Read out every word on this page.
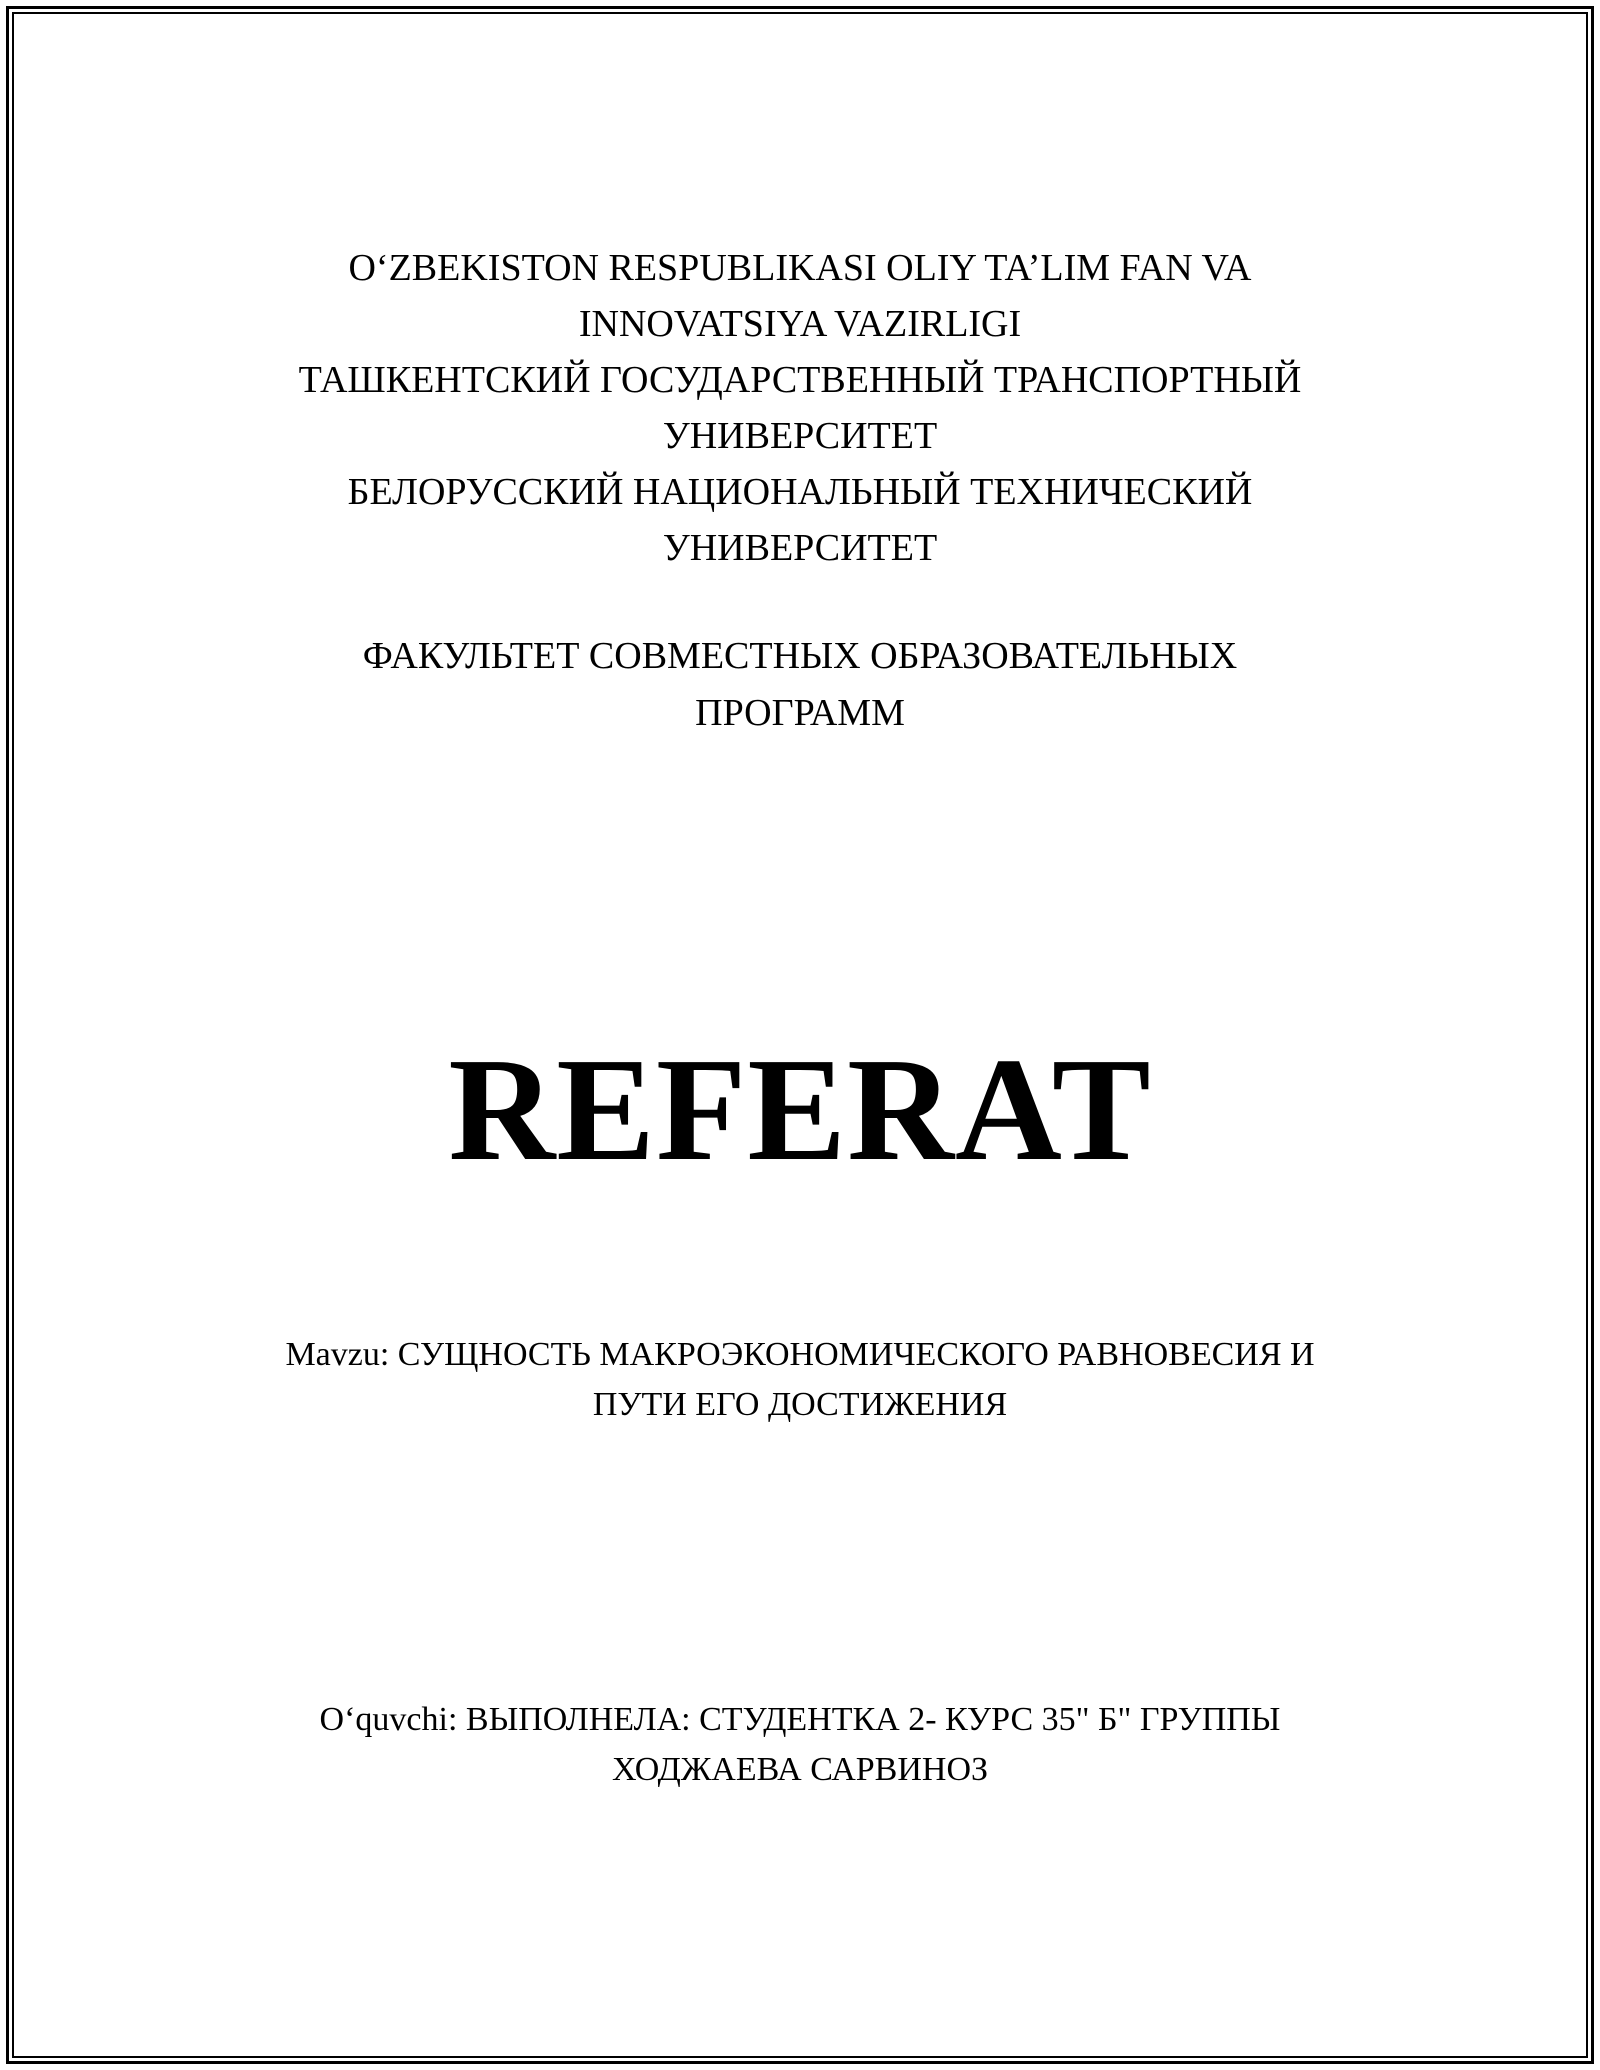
O‘ZBEKISTON RESPUBLIKASI OLIY TA’LIM FAN VA
INNOVATSIYA VAZIRLIGI
ТАШКЕНТСКИЙ ГОСУДАРСТВЕННЫЙ ТРАНСПОРТНЫЙ
УНИВЕРСИТЕТ
БЕЛОРУССКИЙ НАЦИОНАЛЬНЫЙ ТЕХНИЧЕСКИЙ
УНИВЕРСИТЕТ
ФАКУЛЬТЕТ СОВМЕСТНЫХ ОБРАЗОВАТЕЛЬНЫХ
ПРОГРАММ
REFERAT
Mavzu: СУЩНОСТЬ МАКРОЭКОНОМИЧЕСКОГО РАВНОВЕСИЯ И
ПУТИ ЕГО ДОСТИЖЕНИЯ
O‘quvchi: ВЫПОЛНЕЛА: СТУДЕНТКА 2- КУРС 35" Б" ГРУППЫ
ХОДЖАЕВА САРВИНОЗ
